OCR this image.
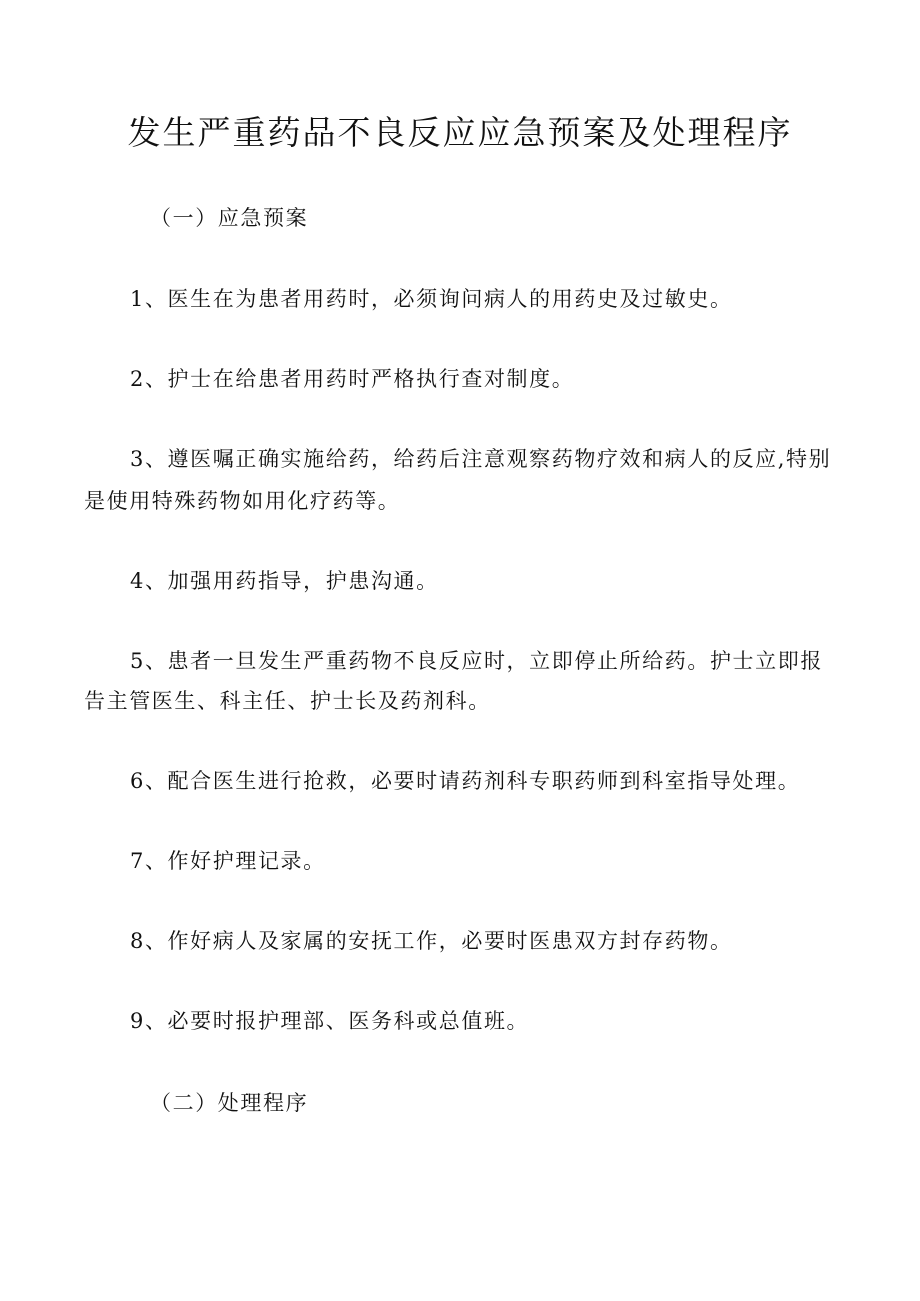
发生严重药品不良反应应急预案及处理程序
（一）应急预案
1、医生在为患者用药时，必须询问病人的用药史及过敏史。
2、护士在给患者用药时严格执行查对制度。
3、遵医嘱正确实施给药，给药后注意观察药物疗效和病人的反应,特别
是使用特殊药物如用化疗药等。
4、加强用药指导，护患沟通。
5、患者一旦发生严重药物不良反应时，立即停止所给药。护士立即报
告主管医生、科主任、护士长及药剂科。
6、配合医生进行抢救，必要时请药剂科专职药师到科室指导处理。
7、作好护理记录。
8、作好病人及家属的安抚工作，必要时医患双方封存药物。
9、必要时报护理部、医务科或总值班。
（二）处理程序
